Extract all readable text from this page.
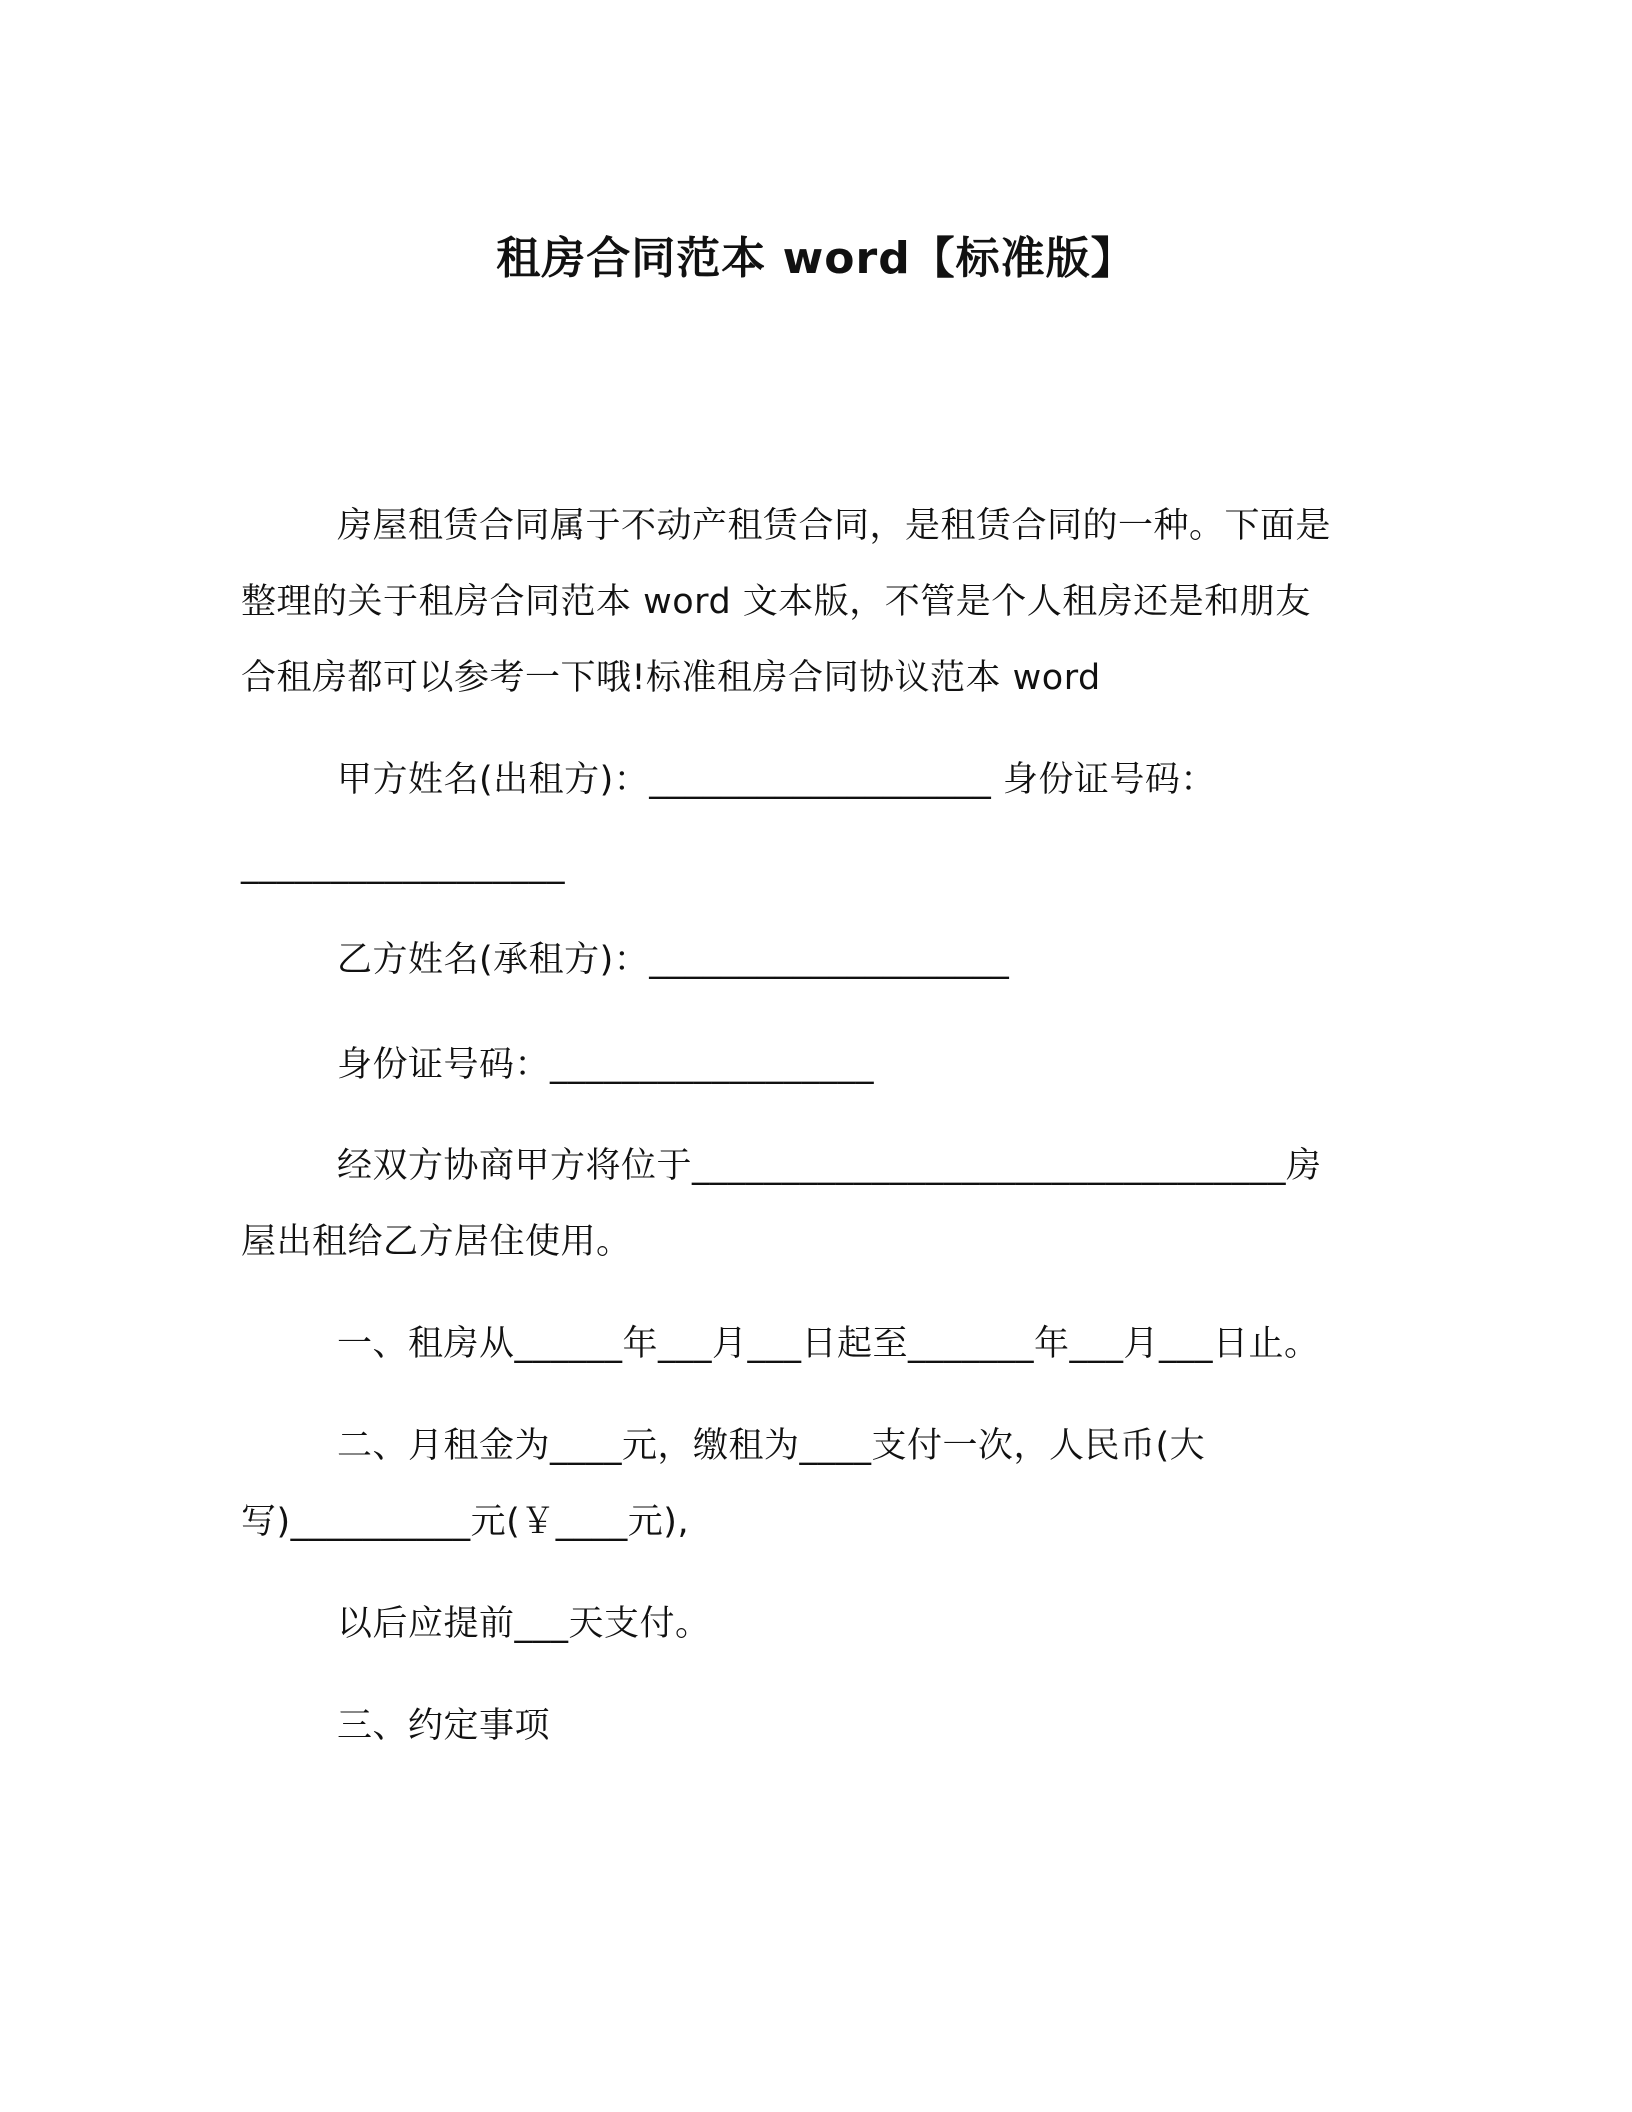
租房合同范本 word【标准版】
房屋租赁合同属于不动产租赁合同，是租赁合同的一种。下面是
整理的关于租房合同范本 word 文本版，不管是个人租房还是和朋友
合租房都可以参考一下哦!标准租房合同协议范本 word
甲方姓名(出租方)：___________________ 身份证号码：
__________________
乙方姓名(承租方)：____________________
身份证号码：__________________
经双方协商甲方将位于_________________________________房
屋出租给乙方居住使用。
一、租房从______年___月___日起至_______年___月___日止。
二、月租金为____元，缴租为____支付一次，人民币(大
写)__________元(￥____元),
以后应提前___天支付。
三、约定事项
